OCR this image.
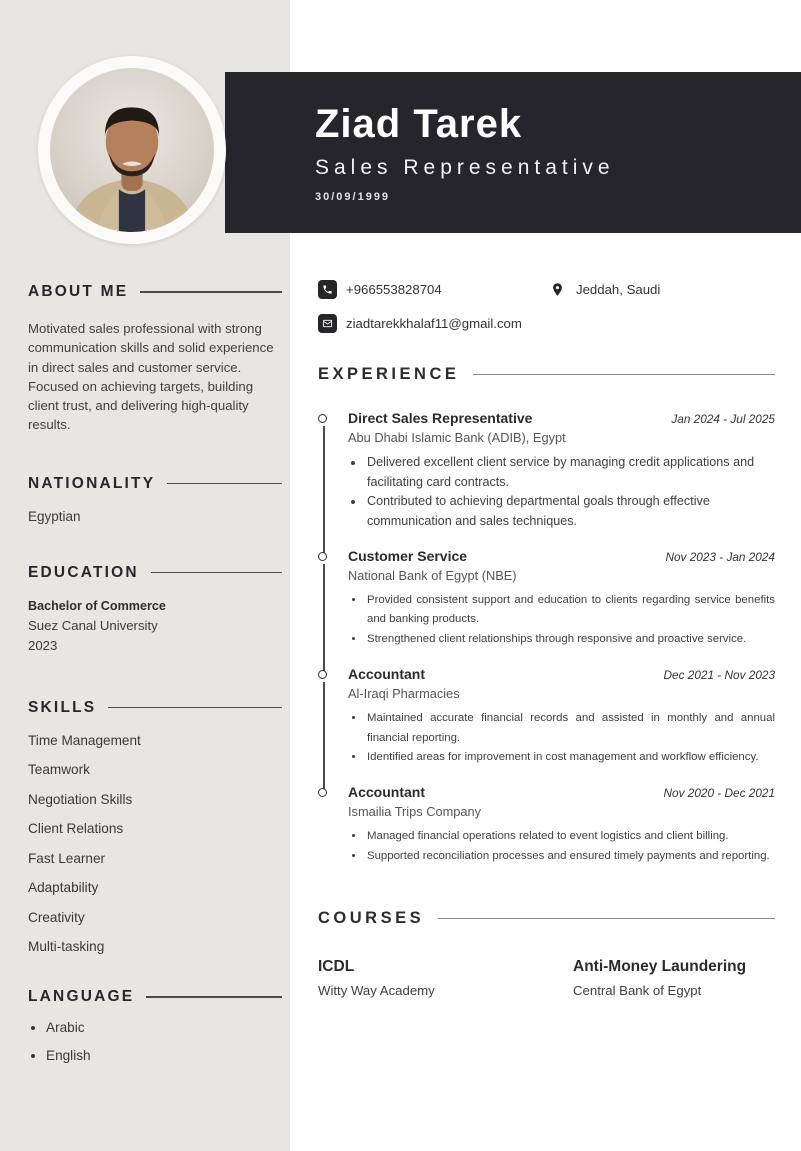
ABOUT ME

Motivated sales professional with strong communication skills and solid experience in direct sales and customer service. Focused on achieving targets, building client trust, and delivering high-quality results.

NATIONALITY
Egyptian
EDUCATION
Bachelor of Commerce
Suez Canal University
2023
SKILLS
Time Management
Teamwork
Negotiation Skills
Client Relations
Fast Learner
Adaptability
Creativity
Multi-tasking
LANGUAGE
• Arabic
• English
Ziad Tarek
Sales Representative
30/09/1999
+966553828704	Jeddah, Saudi
ziadtarekkhalaf11@gmail.com
EXPERIENCE
Direct Sales Representative	Jan 2024 - Jul 2025
Abu Dhabi Islamic Bank (ADIB), Egypt
• Delivered excellent client service by managing credit applications and facilitating card contracts.
• Contributed to achieving departmental goals through effective communication and sales techniques.
Customer Service	Nov 2023 - Jan 2024
National Bank of Egypt (NBE)
• Provided consistent support and education to clients regarding service benefits and banking products.
• Strengthened client relationships through responsive and proactive service.
Accountant	Dec 2021 - Nov 2023
Al-Iraqi Pharmacies
• Maintained accurate financial records and assisted in monthly and annual financial reporting.
• Identified areas for improvement in cost management and workflow efficiency.
Accountant	Nov 2020 - Dec 2021
Ismailia Trips Company
• Managed financial operations related to event logistics and client billing.
• Supported reconciliation processes and ensured timely payments and reporting.
COURSES
ICDL
Witty Way Academy
Anti-Money Laundering
Central Bank of Egypt
